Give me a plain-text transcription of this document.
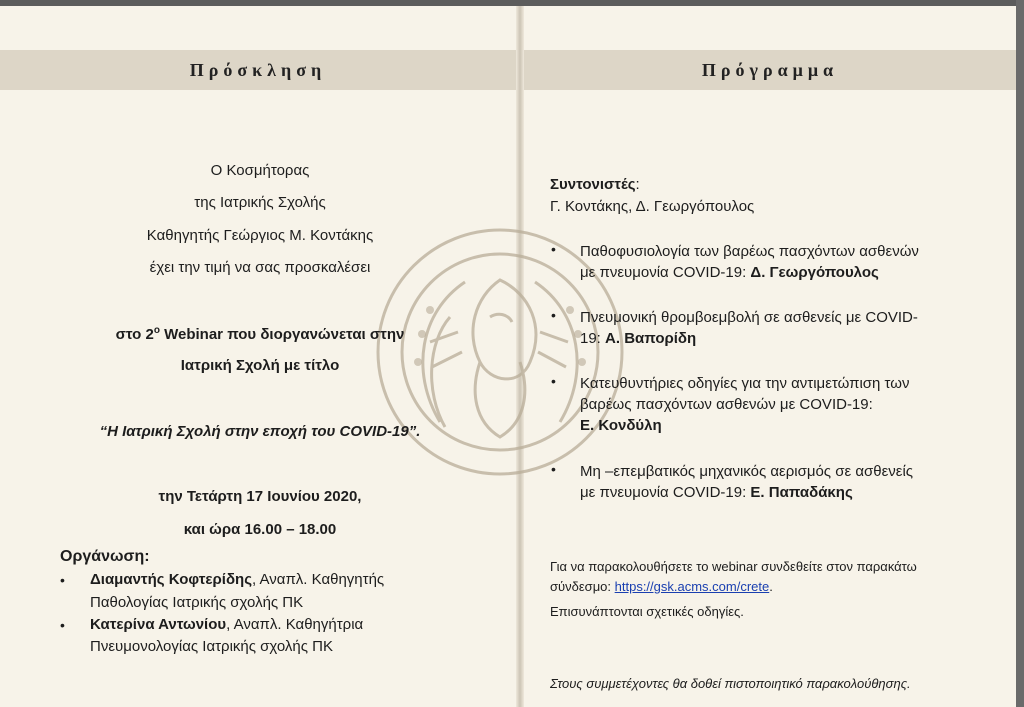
Πρόσκληση	Πρόγραμμα
Ο Κοσμήτορας
της Ιατρικής Σχολής
Καθηγητής Γεώργιος Μ. Κοντάκης
έχει την τιμή να σας προσκαλέσει
στο $2^o$ Webinar που διοργανώνεται στην
Ιατρική Σχολή με τίτλο
“Η Ιατρική Σχολή στην εποχή του COVID-19”.
την Τετάρτη 17 Ιουνίου 2020,
και ώρα 16.00 – 18.00
Οργάνωση:
• Διαμαντής Κοφτερίδης, Αναπλ. Καθηγητής
Παθολογίας Ιατρικής σχολής ΠΚ
• Κατερίνα Αντωνίου, Αναπλ. Καθηγήτρια
Πνευμονολογίας Ιατρικής σχολής ΠΚ
Συντονιστές:
Γ. Κοντάκης, Δ. Γεωργόπουλος
• Παθοφυσιολογία των βαρέως πασχόντων ασθενών
με πνευμονία COVID-19: Δ. Γεωργόπουλος
• Πνευμονική θρομβοεμβολή σε ασθενείς με COVID-
19: Α. Βαπορίδη
• Κατευθυντήριες οδηγίες για την αντιμετώπιση των
βαρέως πασχόντων ασθενών με COVID-19:
Ε. Κονδύλη
• Μη –επεμβατικός μηχανικός αερισμός σε ασθενείς
με πνευμονία COVID-19: Ε. Παπαδάκης
Για να παρακολουθήσετε το webinar συνδεθείτε στον παρακάτω
σύνδεσμο: https://gsk.acms.com/crete.
Επισυνάπτονται σχετικές οδηγίες.
Στους συμμετέχοντες θα δοθεί πιστοποιητικό παρακολούθησης.
